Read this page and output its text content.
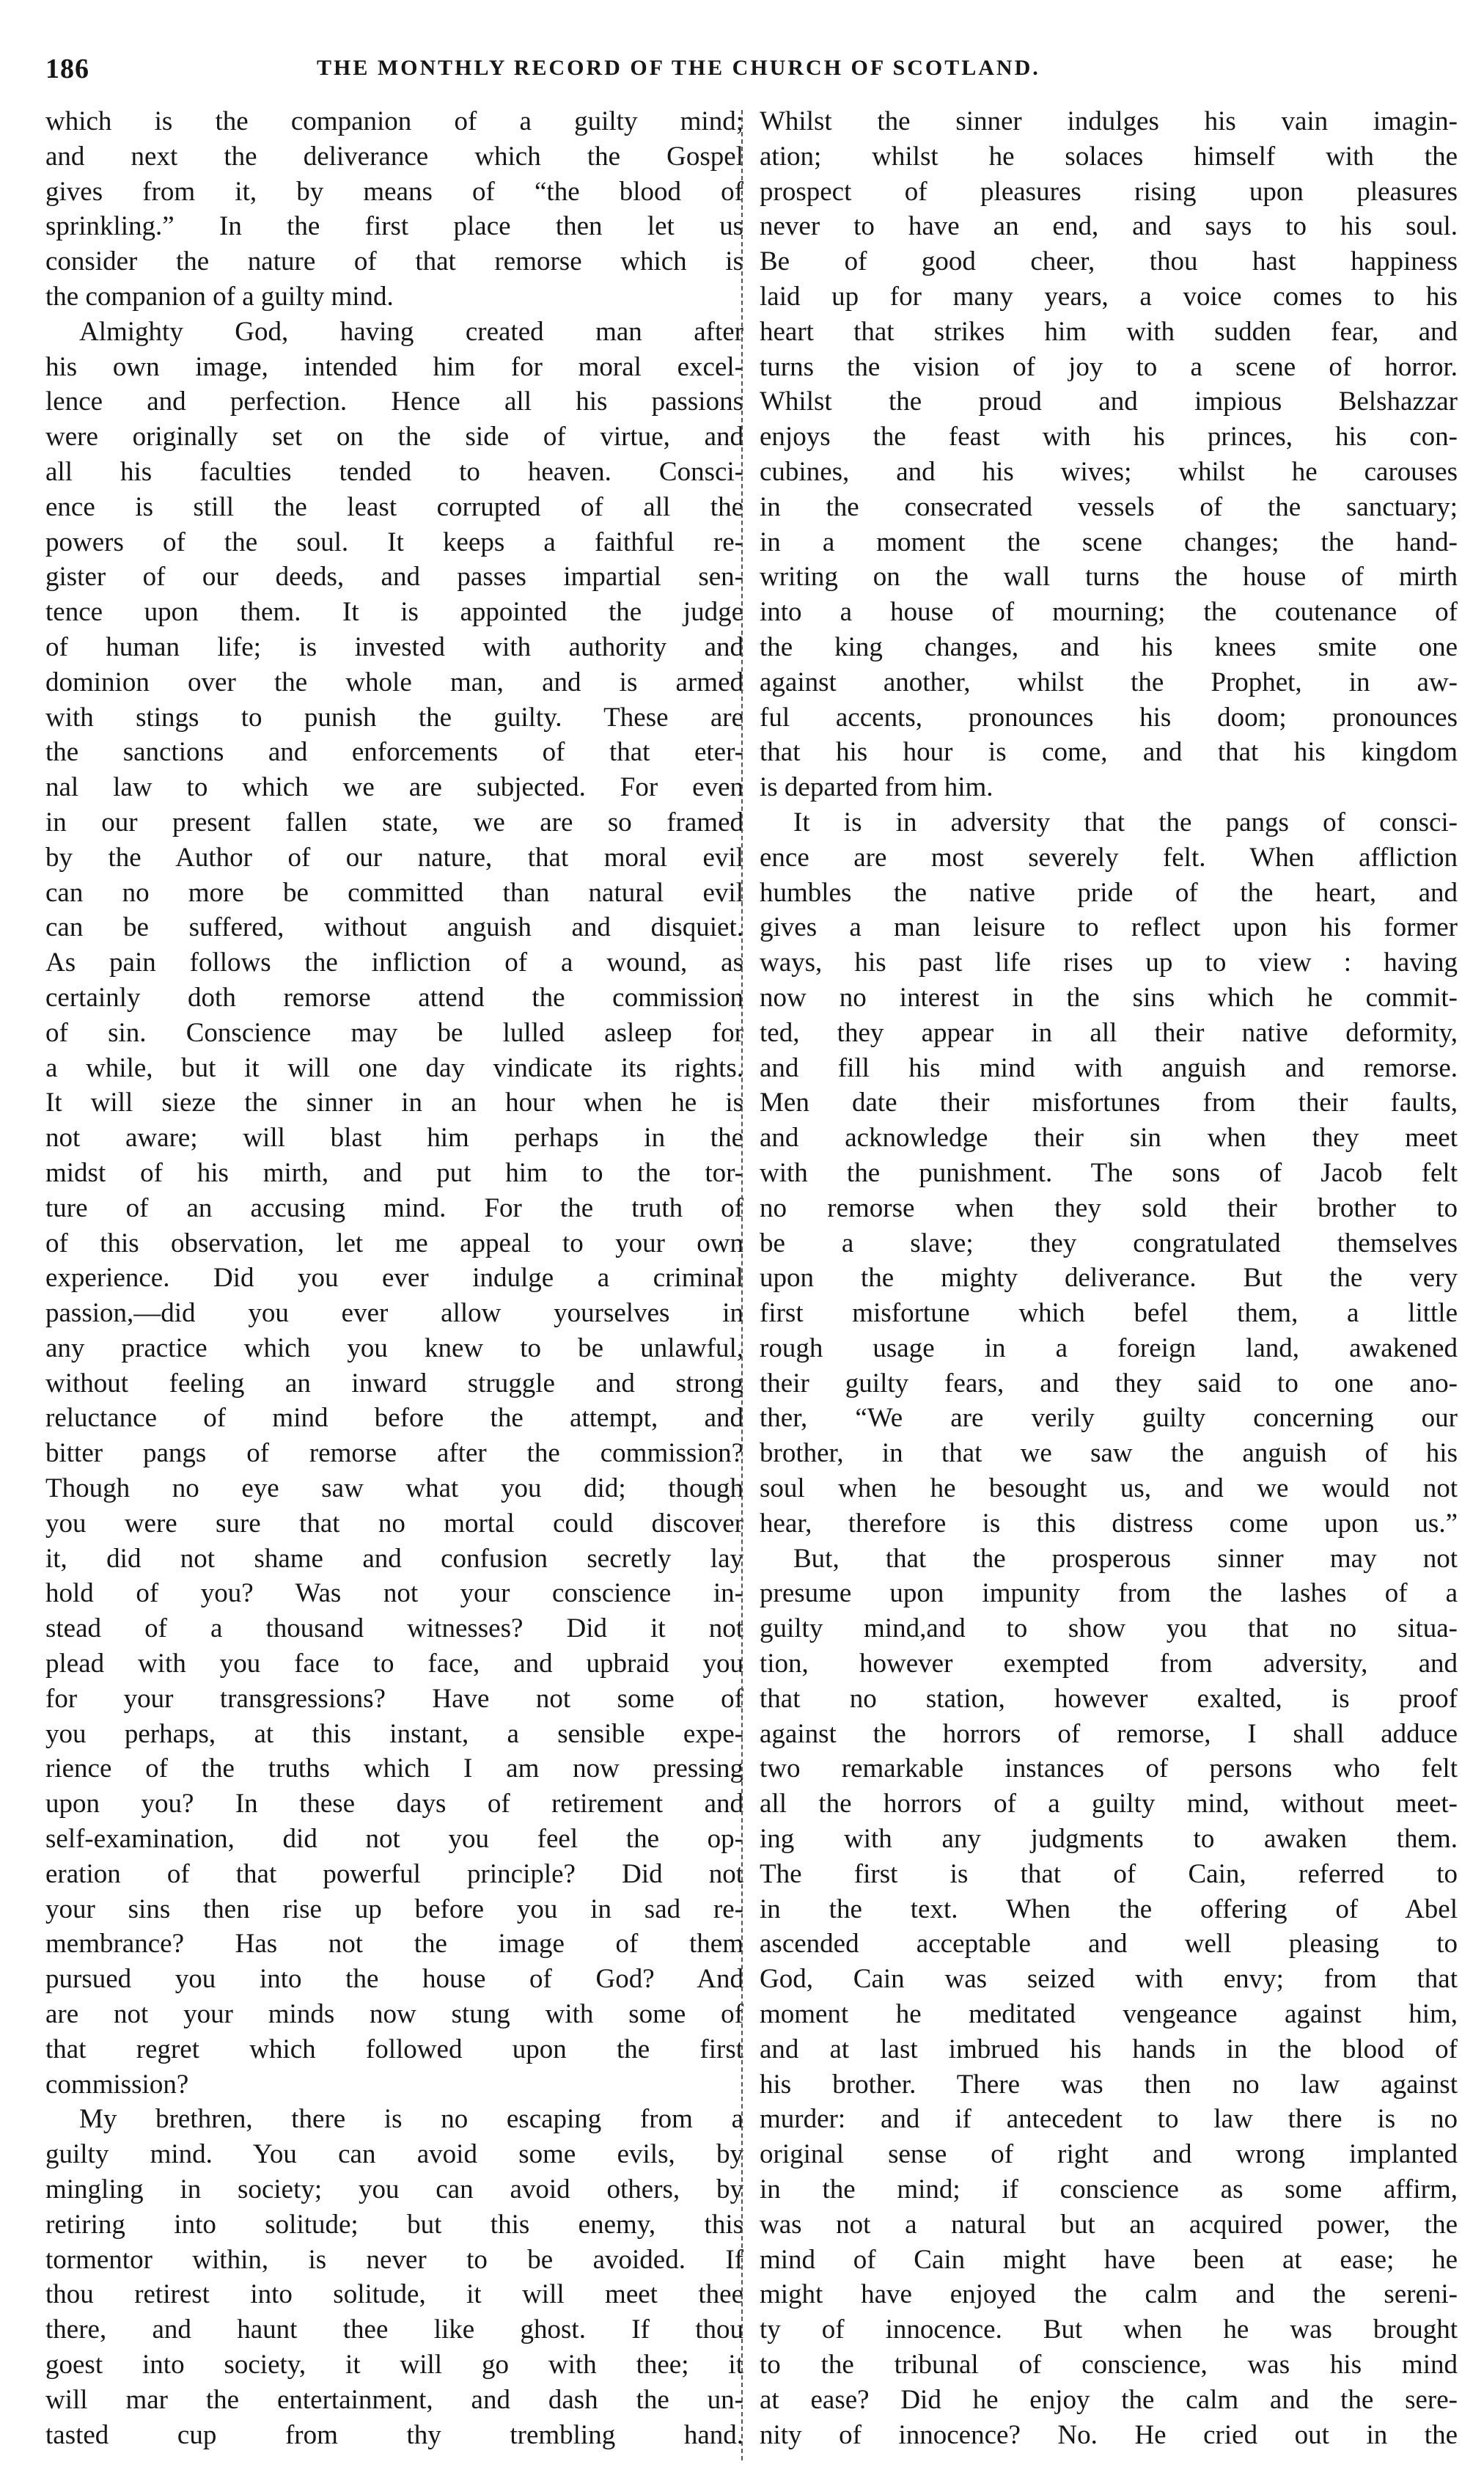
186	THE MONTHLY RECORD OF THE CHURCH OF SCOTLAND.
which is the companion of a guilty mind;
and next the deliverance which the Gospel
gives from it, by means of “the blood of
sprinkling.” In the first place then let us
consider the nature of that remorse which is
the companion of a guilty mind.
Almighty God, having created man after
his own image, intended him for moral excel-
lence and perfection. Hence all his passions
were originally set on the side of virtue, and
all his faculties tended to heaven. Consci-
ence is still the least corrupted of all the
powers of the soul. It keeps a faithful re-
gister of our deeds, and passes impartial sen-
tence upon them. It is appointed the judge
of human life; is invested with authority and
dominion over the whole man, and is armed
with stings to punish the guilty. These are
the sanctions and enforcements of that eter-
nal law to which we are subjected. For even
in our present fallen state, we are so framed
by the Author of our nature, that moral evil
can no more be committed than natural evil
can be suffered, without anguish and disquiet.
As pain follows the infliction of a wound, as
certainly doth remorse attend the commission
of sin. Conscience may be lulled asleep for
a while, but it will one day vindicate its rights.
It will sieze the sinner in an hour when he is
not aware; will blast him perhaps in the
midst of his mirth, and put him to the tor-
ture of an accusing mind. For the truth of
of this observation, let me appeal to your own
experience. Did you ever indulge a criminal
passion,—did you ever allow yourselves in
any practice which you knew to be unlawful,
without feeling an inward struggle and strong
reluctance of mind before the attempt, and
bitter pangs of remorse after the commission?
Though no eye saw what you did; though
you were sure that no mortal could discover
it, did not shame and confusion secretly lay
hold of you? Was not your conscience in-
stead of a thousand witnesses? Did it not
plead with you face to face, and upbraid you
for your transgressions? Have not some of
you perhaps, at this instant, a sensible expe-
rience of the truths which I am now pressing
upon you? In these days of retirement and
self-examination, did not you feel the op-
eration of that powerful principle? Did not
your sins then rise up before you in sad re-
membrance? Has not the image of them
pursued you into the house of God? And
are not your minds now stung with some of
that regret which followed upon the first
commission?
My brethren, there is no escaping from a
guilty mind. You can avoid some evils, by
mingling in society; you can avoid others, by
retiring into solitude; but this enemy, this
tormentor within, is never to be avoided. If
thou retirest into solitude, it will meet thee
there, and haunt thee like ghost. If thou
goest into society, it will go with thee; it
will mar the entertainment, and dash the un-
tasted cup from thy trembling hand.
Whilst the sinner indulges his vain imagin-
ation; whilst he solaces himself with the
prospect of pleasures rising upon pleasures
never to have an end, and says to his soul.
Be of good cheer, thou hast happiness
laid up for many years, a voice comes to his
heart that strikes him with sudden fear, and
turns the vision of joy to a scene of horror.
Whilst the proud and impious Belshazzar
enjoys the feast with his princes, his con-
cubines, and his wives; whilst he carouses
in the consecrated vessels of the sanctuary;
in a moment the scene changes; the hand-
writing on the wall turns the house of mirth
into a house of mourning; the coutenance of
the king changes, and his knees smite one
against another, whilst the Prophet, in aw-
ful accents, pronounces his doom; pronounces
that his hour is come, and that his kingdom
is departed from him.
It is in adversity that the pangs of consci-
ence are most severely felt. When affliction
humbles the native pride of the heart, and
gives a man leisure to reflect upon his former
ways, his past life rises up to view : having
now no interest in the sins which he commit-
ted, they appear in all their native deformity,
and fill his mind with anguish and remorse.
Men date their misfortunes from their faults,
and acknowledge their sin when they meet
with the punishment. The sons of Jacob felt
no remorse when they sold their brother to
be a slave; they congratulated themselves
upon the mighty deliverance. But the very
first misfortune which befel them, a little
rough usage in a foreign land, awakened
their guilty fears, and they said to one ano-
ther, “We are verily guilty concerning our
brother, in that we saw the anguish of his
soul when he besought us, and we would not
hear, therefore is this distress come upon us.”
But, that the prosperous sinner may not
presume upon impunity from the lashes of a
guilty mind,and to show you that no situa-
tion, however exempted from adversity, and
that no station, however exalted, is proof
against the horrors of remorse, I shall adduce
two remarkable instances of persons who felt
all the horrors of a guilty mind, without meet-
ing with any judgments to awaken them.
The first is that of Cain, referred to
in the text. When the offering of Abel
ascended acceptable and well pleasing to
God, Cain was seized with envy; from that
moment he meditated vengeance against him,
and at last imbrued his hands in the blood of
his brother. There was then no law against
murder: and if antecedent to law there is no
original sense of right and wrong implanted
in the mind; if conscience as some affirm,
was not a natural but an acquired power, the
mind of Cain might have been at ease; he
might have enjoyed the calm and the sereni-
ty of innocence. But when he was brought
to the tribunal of conscience, was his mind
at ease? Did he enjoy the calm and the sere-
nity of innocence? No. He cried out in the
